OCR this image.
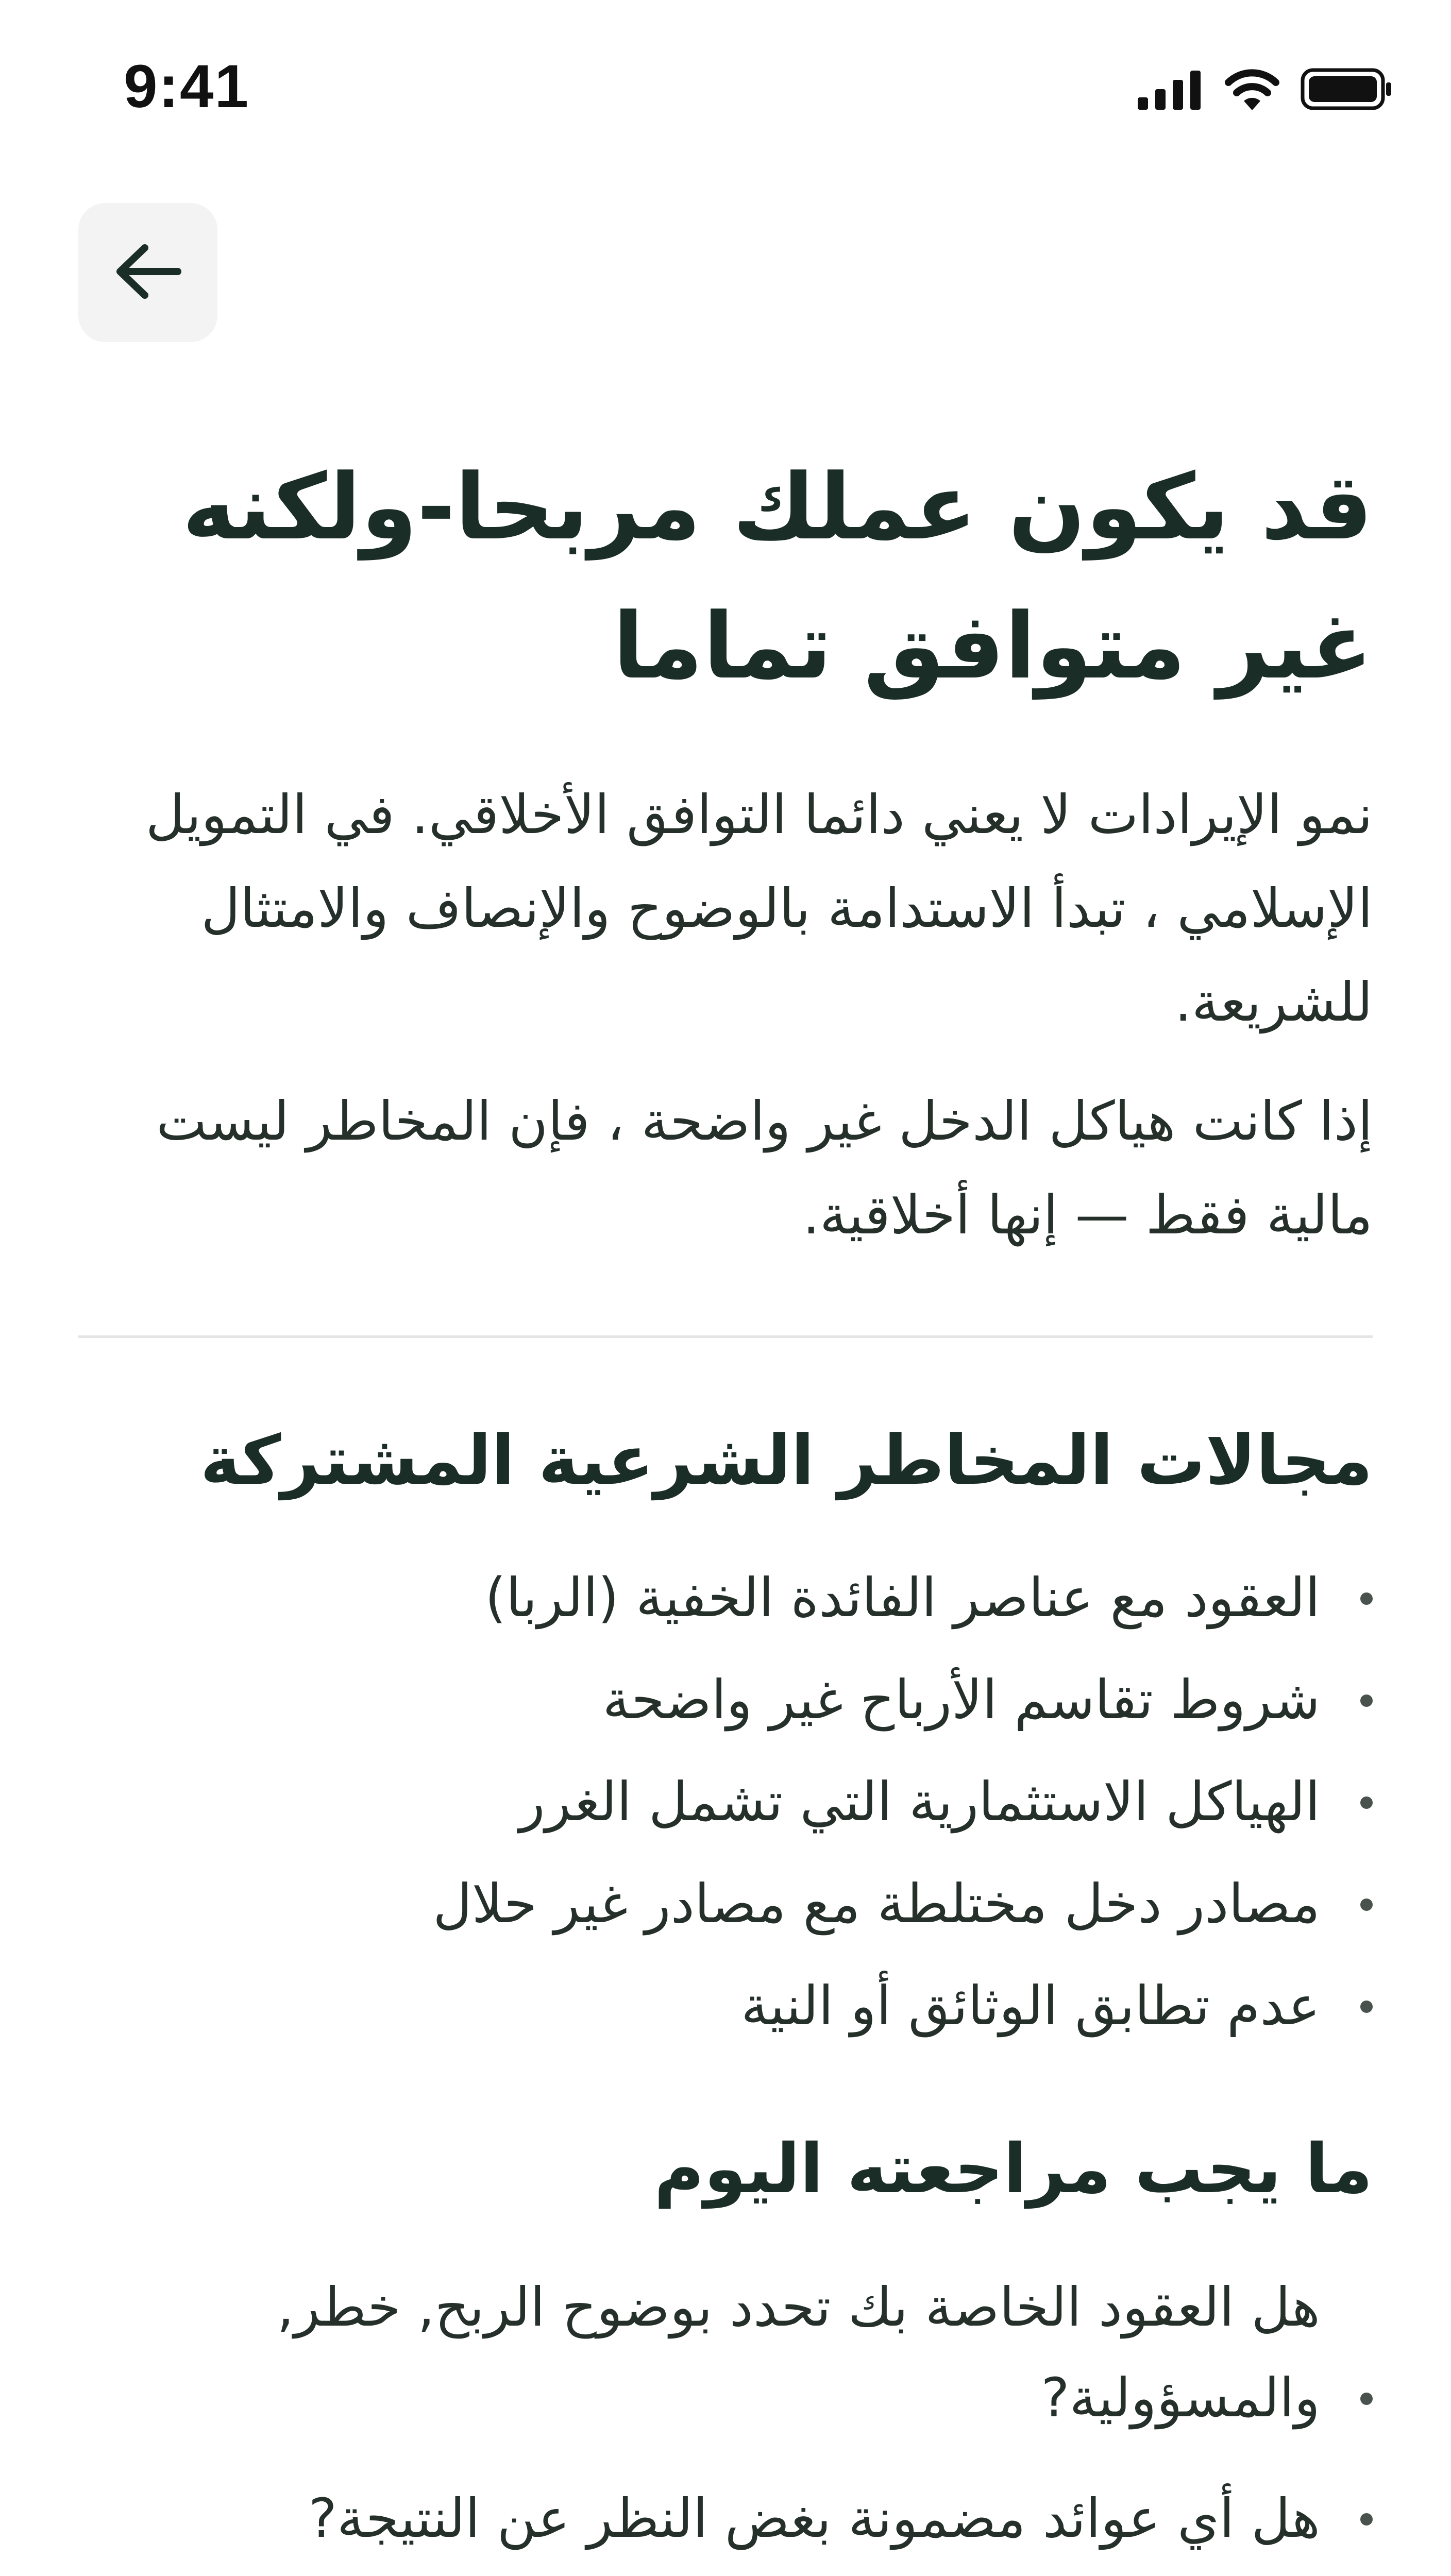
9:41
قد يكون عملك مربحا-ولكنه غير متوافق تماما

نمو الإيرادات لا يعني دائما التوافق الأخلاقي. في التمويل الإسلامي ، تبدأ الاستدامة بالوضوح والإنصاف والامتثال للشريعة.

إذا كانت هياكل الدخل غير واضحة ، فإن المخاطر ليست مالية فقط — إنها أخلاقية.

مجالات المخاطر الشرعية المشتركة
العقود مع عناصر الفائدة الخفية (الربا)
شروط تقاسم الأرباح غير واضحة
الهياكل الاستثمارية التي تشمل الغرر
مصادر دخل مختلطة مع مصادر غير حلال
عدم تطابق الوثائق أو النية
ما يجب مراجعته اليوم
هل العقود الخاصة بك تحدد بوضوح الربح, خطر, والمسؤولية?
هل أي عوائد مضمونة بغض النظر عن النتيجة?
